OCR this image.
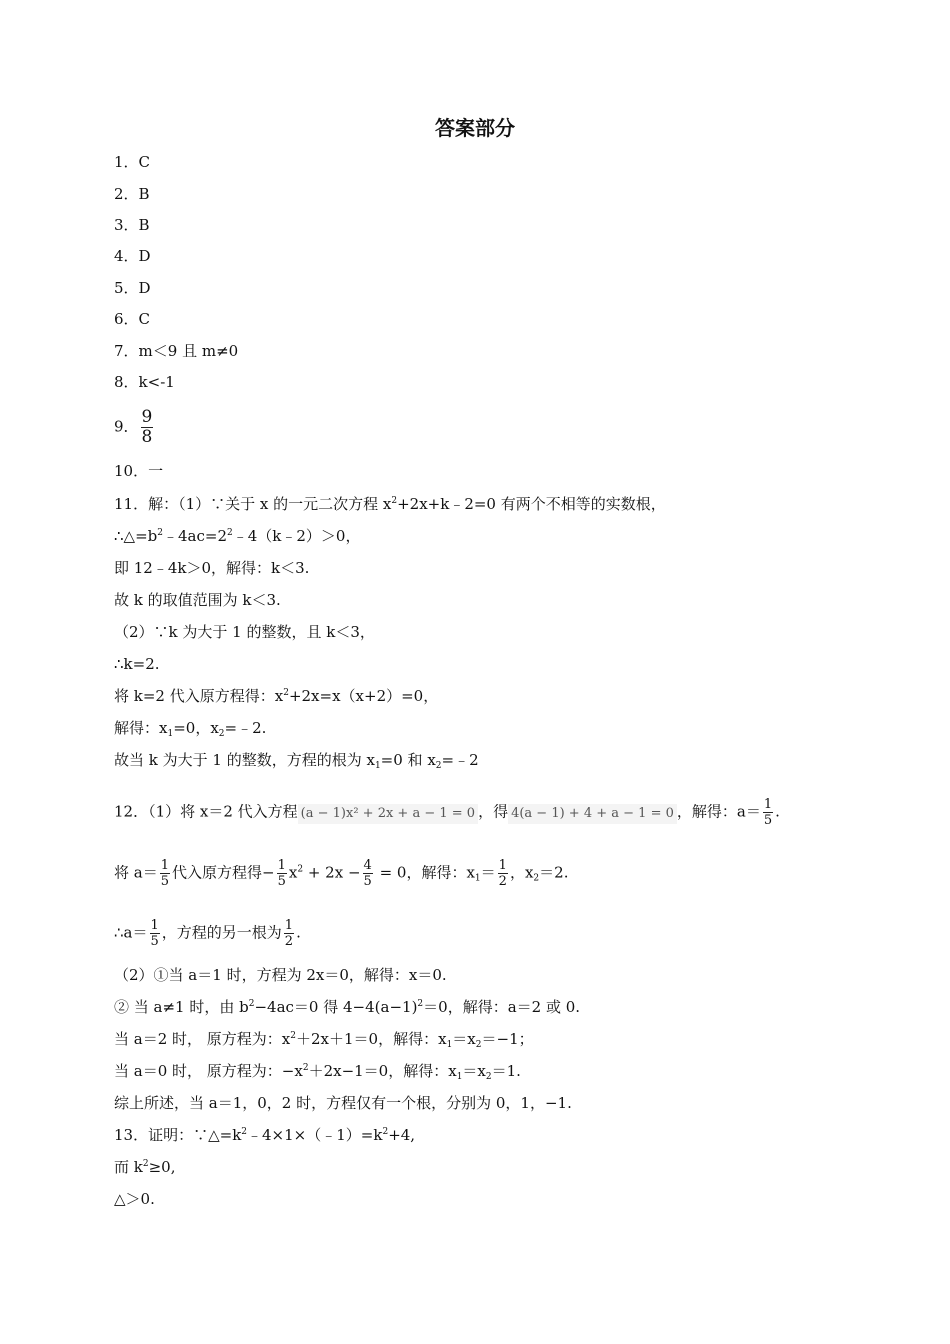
答案部分
1．C
2．B
3．B
4．D
5．D
6．C
7．m＜9 且 m≠0
8．k<-1
9． $\frac{9}{8}$
10．一
11．解：（1）∵关于 x 的一元二次方程 $x^2+2x+k﹣2=0$ 有两个不相等的实数根，
$\therefore\triangle=b^2﹣4ac=2^2﹣4(k﹣2)>0$，
即 12﹣4k＞0，解得：k＜3.
故 k 的取值范围为 k＜3.
（2）∵k 为大于 1 的整数，且 k＜3，
∴k=2.
将 k=2 代入原方程得：$x^2+2x=x(x+2)=0$，
解得：$x_1=0$，$x_2=﹣2$.
故当 k 为大于 1 的整数，方程的根为 $x_1=0$ 和 $x_2=﹣2$
12．（1）将 x＝2 代入方程 (a − 1)x² + 2x + a − 1 = 0 ，得 4(a − 1) + 4 + a − 1 = 0 ，解得：$a= \frac{1}{5}$ .
将 $a= \frac{1}{5}$ 代入原方程得− $\frac{1}{5} x^2 + 2x - \frac{4}{5} = 0$，解得：$x_1= \frac{1}{2}$ ，$x_2=2$.
∴a＝ $\frac{1}{5}$ ，方程的另一根为 $\frac{1}{2}$ .
（2）①当 a＝1 时，方程为 2x＝0，解得：x＝0.
② 当 a≠1 时，由 $b^2-4ac=0$ 得 $4-4(a-1)^2=0$，解得：a＝2 或 0.
当 a＝2 时， 原方程为：$x^2+2x+1=0$，解得：$x_1=x_2=-1$；
当 a＝0 时， 原方程为：$-x^2+2x-1=0$，解得：$x_1=x_2=1$.
综上所述，当 a＝1，0，2 时，方程仅有一个根，分别为 0，1，−1.
13．证明：$\because\triangle=k^2﹣4\times 1\times(﹣1)=k^2+4$,
而 $k^2\ge 0$,
△＞0.
